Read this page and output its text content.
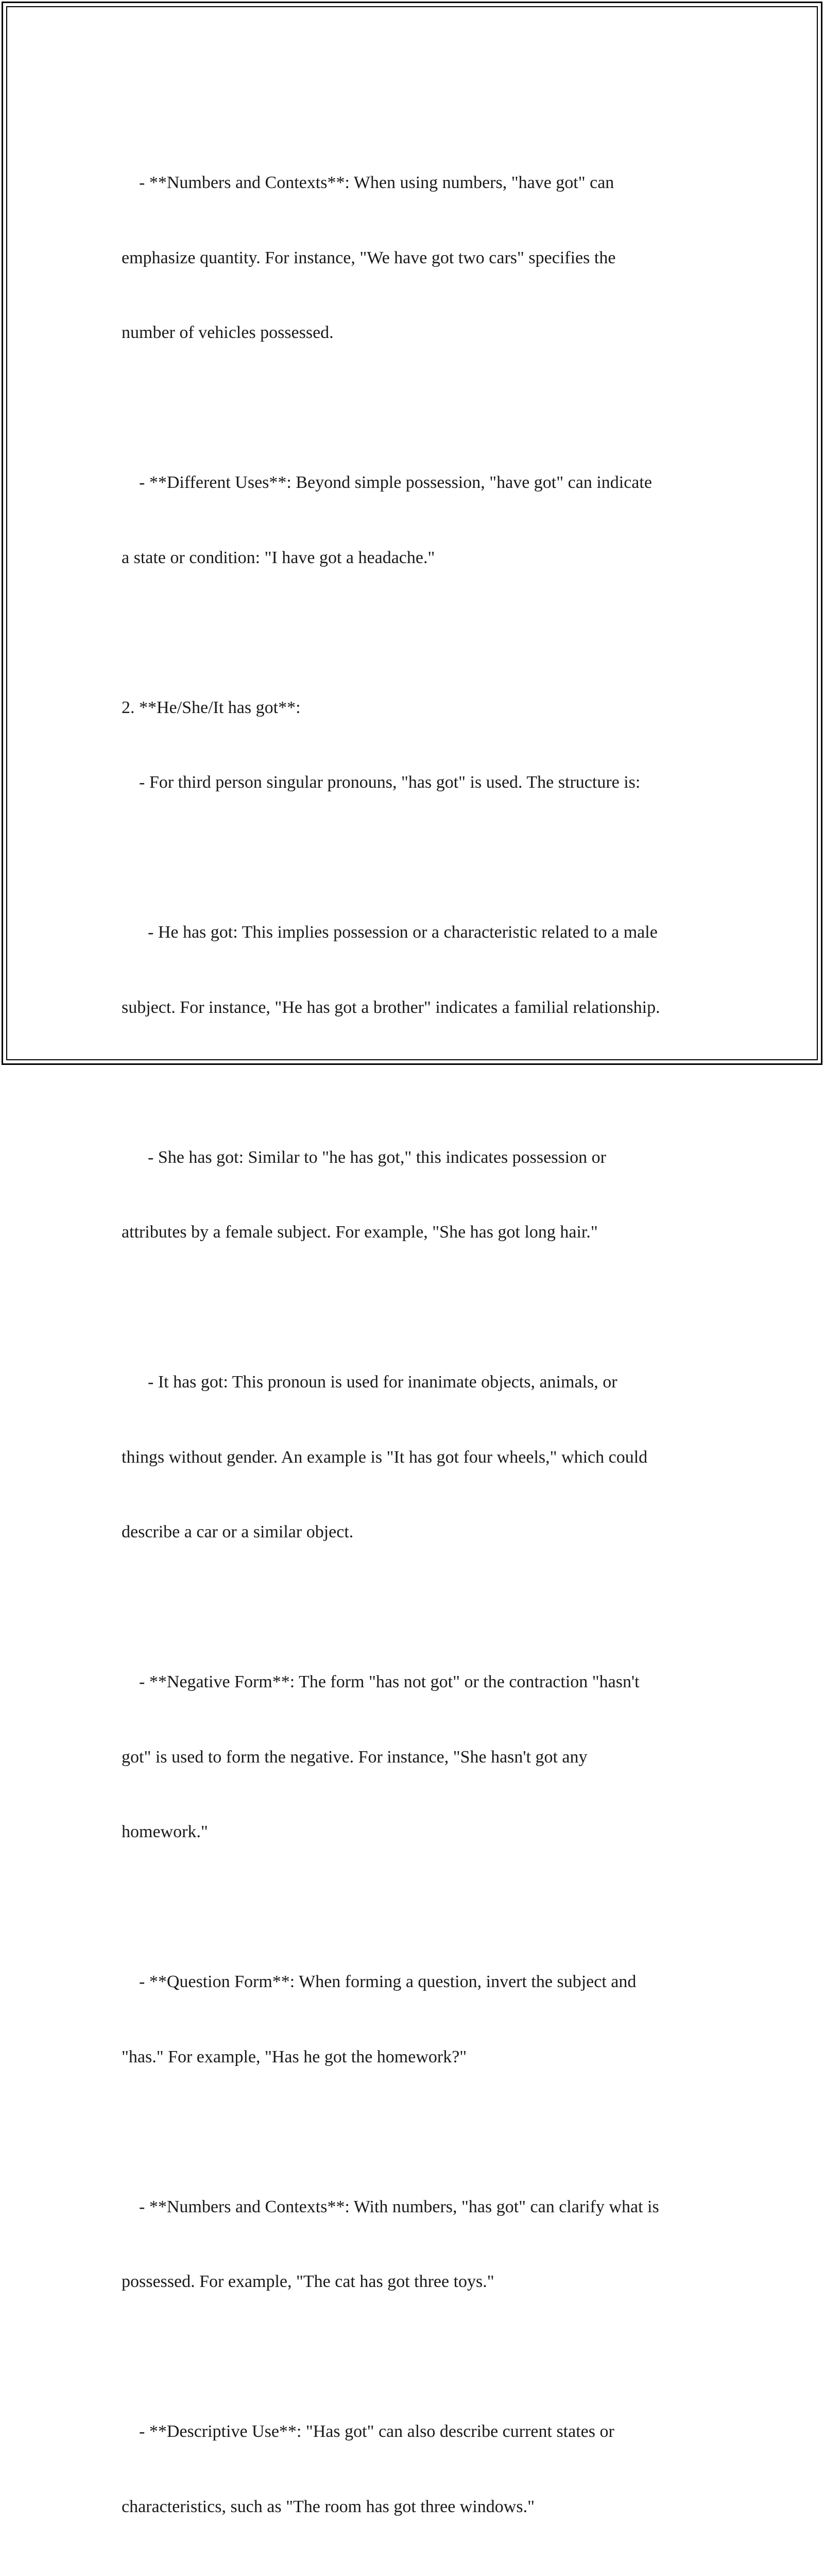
- **Numbers and Contexts**: When using numbers, "have got" can

emphasize quantity. For instance, "We have got two cars" specifies the

number of vehicles possessed.

- **Different Uses**: Beyond simple possession, "have got" can indicate

a state or condition: "I have got a headache."

2. **He/She/It has got**:

- For third person singular pronouns, "has got" is used. The structure is:

- He has got: This implies possession or a characteristic related to a male

subject. For instance, "He has got a brother" indicates a familial relationship.

- She has got: Similar to "he has got," this indicates possession or

attributes by a female subject. For example, "She has got long hair."

- It has got: This pronoun is used for inanimate objects, animals, or

things without gender. An example is "It has got four wheels," which could

describe a car or a similar object.

- **Negative Form**: The form "has not got" or the contraction "hasn't

got" is used to form the negative. For instance, "She hasn't got any

homework."

- **Question Form**: When forming a question, invert the subject and

"has." For example, "Has he got the homework?"

- **Numbers and Contexts**: With numbers, "has got" can clarify what is

possessed. For example, "The cat has got three toys."

- **Descriptive Use**: "Has got" can also describe current states or

characteristics, such as "The room has got three windows."
